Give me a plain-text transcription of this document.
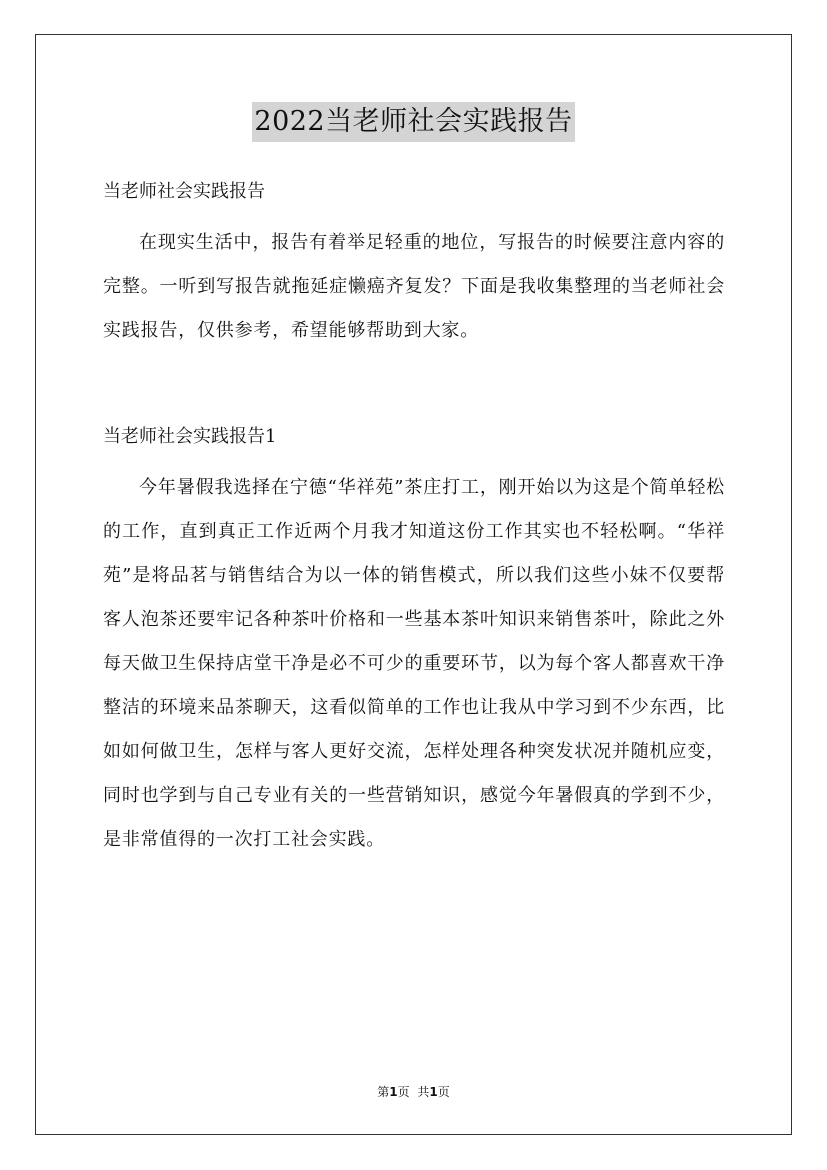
2022当老师社会实践报告
当老师社会实践报告

在现实生活中，报告有着举足轻重的地位，写报告的时候要注意内容的完整。一听到写报告就拖延症懒癌齐复发？下面是我收集整理的当老师社会实践报告，仅供参考，希望能够帮助到大家。

当老师社会实践报告1

今年暑假我选择在宁德“华祥苑”茶庄打工，刚开始以为这是个简单轻松的工作，直到真正工作近两个月我才知道这份工作其实也不轻松啊。“华祥苑”是将品茗与销售结合为以一体的销售模式，所以我们这些小妹不仅要帮客人泡茶还要牢记各种茶叶价格和一些基本茶叶知识来销售茶叶，除此之外每天做卫生保持店堂干净是必不可少的重要环节，以为每个客人都喜欢干净整洁的环境来品茶聊天，这看似简单的工作也让我从中学习到不少东西，比如如何做卫生，怎样与客人更好交流，怎样处理各种突发状况并随机应变，同时也学到与自己专业有关的一些营销知识，感觉今年暑假真的学到不少，是非常值得的一次打工社会实践。

第1页 共1页
